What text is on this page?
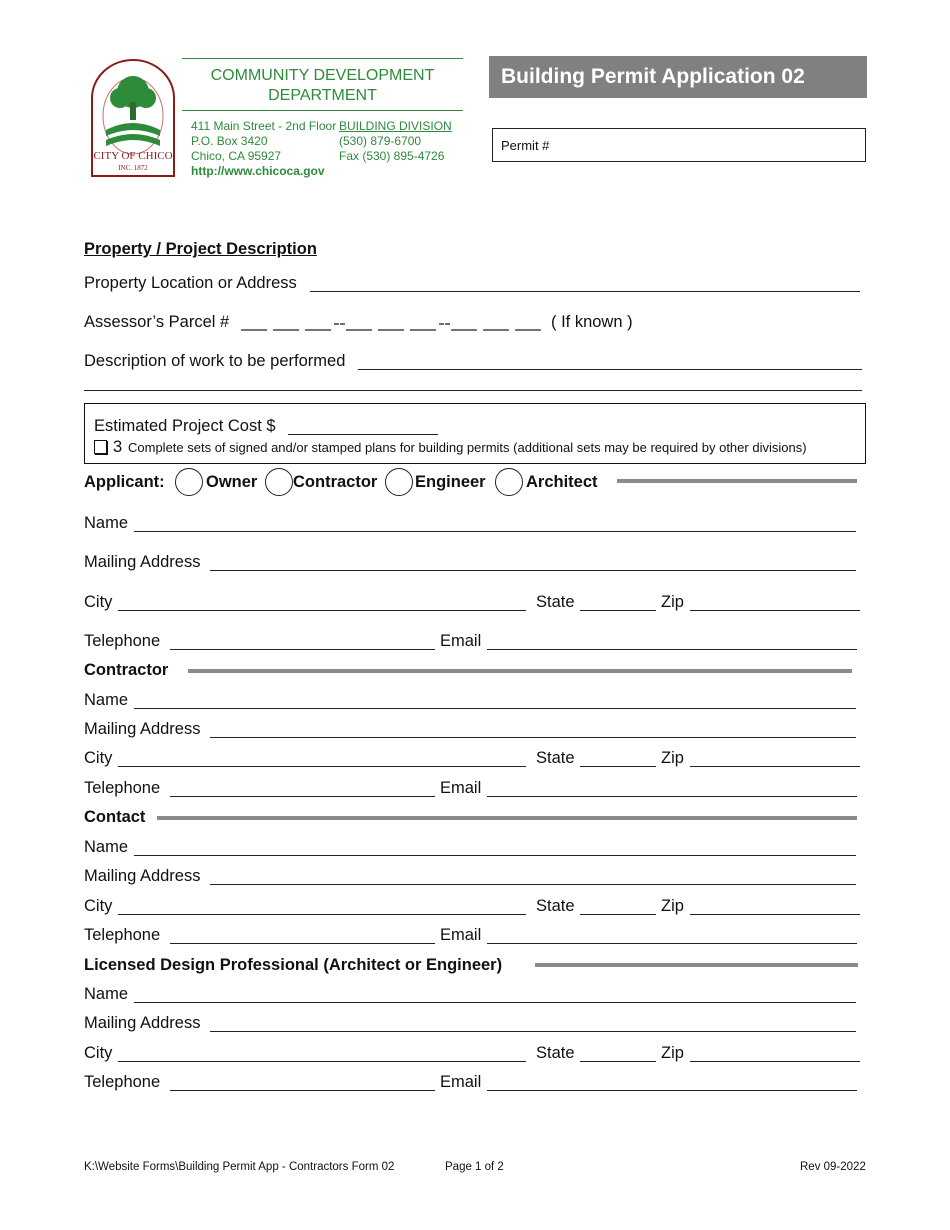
CITY OF CHICO
INC. 1872
COMMUNITY DEVELOPMENT
DEPARTMENT
411 Main Street - 2nd Floor
P.O. Box 3420
Chico, CA 95927
http://www.chicoca.gov
BUILDING DIVISION
(530) 879-6700
Fax (530) 895-4726
Building Permit Application 02
Permit #
Property / Project Description
Property Location or Address
Assessor’s Parcel #	( If known )
Description of work to be performed
Estimated Project Cost $
3 Complete sets of signed and/or stamped plans for building permits (additional sets may be required by other divisions)
Applicant:	Owner Contractor Engineer Architect
Name
Mailing Address
City	State	Zip
Telephone	Email
Contractor
Name
Mailing Address
City	State	Zip
Telephone	Email
Contact
Name
Mailing Address
City	State	Zip
Telephone	Email
Licensed Design Professional (Architect or Engineer)
Name
Mailing Address
City	State	Zip
Telephone	Email
K:\Website Forms\Building Permit App - Contractors Form 02	Page 1 of 2	Rev 09-2022
